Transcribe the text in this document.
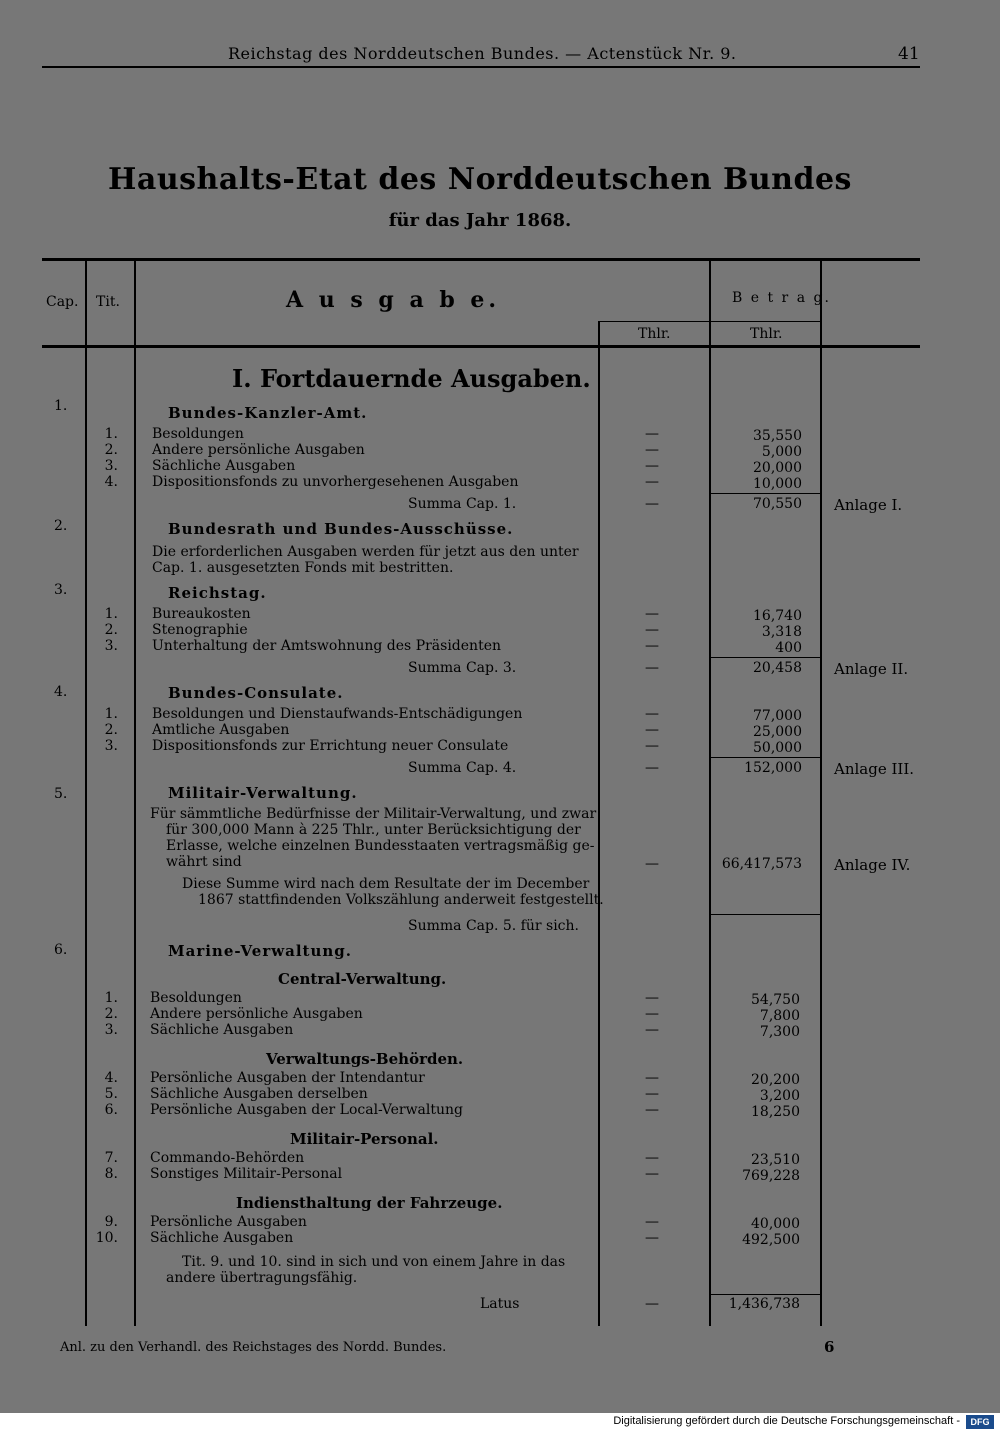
Reichstag des Norddeutschen Bundes. — Actenstück Nr. 9.	41
Haushalts-Etat des Norddeutschen Bundes
für das Jahr 1868.
Cap. Tit.	A u s g a b e.	B e t r a g.
Thlr.	Thlr.
I. Fortdauernde Ausgaben.
1.	Bundes-Kanzler-Amt.
1. Besoldungen	—	35,550
2. Andere persönliche Ausgaben	—	5,000
3. Sächliche Ausgaben	—	20,000
4. Dispositionsfonds zu unvorhergesehenen Ausgaben	—	10,000
Summa Cap. 1.	—	70,550 Anlage I.
2.	Bundesrath und Bundes-Ausschüsse.
Die erforderlichen Ausgaben werden für jetzt aus den unter
Cap. 1. ausgesetzten Fonds mit bestritten.
3.	Reichstag.
1. Bureaukosten	—	16,740
2. Stenographie	—	3,318
3. Unterhaltung der Amtswohnung des Präsidenten	—	400
Summa Cap. 3.	—	20,458 Anlage II.
4.	Bundes-Consulate.
1. Besoldungen und Dienstaufwands-Entschädigungen	—	77,000
2. Amtliche Ausgaben	—	25,000
3. Dispositionsfonds zur Errichtung neuer Consulate	—	50,000
Summa Cap. 4.	—	152,000 Anlage III.
5.	Militair-Verwaltung.
Für sämmtliche Bedürfnisse der Militair-Verwaltung, und zwar
für 300,000 Mann à 225 Thlr., unter Berücksichtigung der
Erlasse, welche einzelnen Bundesstaaten vertragsmäßig ge-
währt sind	—	66,417,573 Anlage IV.
Diese Summe wird nach dem Resultate der im December
1867 stattfindenden Volkszählung anderweit festgestellt.
Summa Cap. 5. für sich.
6.	Marine-Verwaltung.
Central-Verwaltung.
1. Besoldungen	—	54,750
2. Andere persönliche Ausgaben	—	7,800
3. Sächliche Ausgaben	—	7,300
Verwaltungs-Behörden.
4. Persönliche Ausgaben der Intendantur	—	20,200
5. Sächliche Ausgaben derselben	—	3,200
6. Persönliche Ausgaben der Local-Verwaltung	—	18,250
Militair-Personal.
7. Commando-Behörden	—	23,510
8. Sonstiges Militair-Personal	—	769,228
Indiensthaltung der Fahrzeuge.
9. Persönliche Ausgaben	—	40,000
10. Sächliche Ausgaben	—	492,500
Tit. 9. und 10. sind in sich und von einem Jahre in das
andere übertragungsfähig.
Latus	—	1,436,738
Anl. zu den Verhandl. des Reichstages des Nordd. Bundes.	6
Digitalisierung gefördert durch die Deutsche Forschungsgemeinschaft -	DFG
